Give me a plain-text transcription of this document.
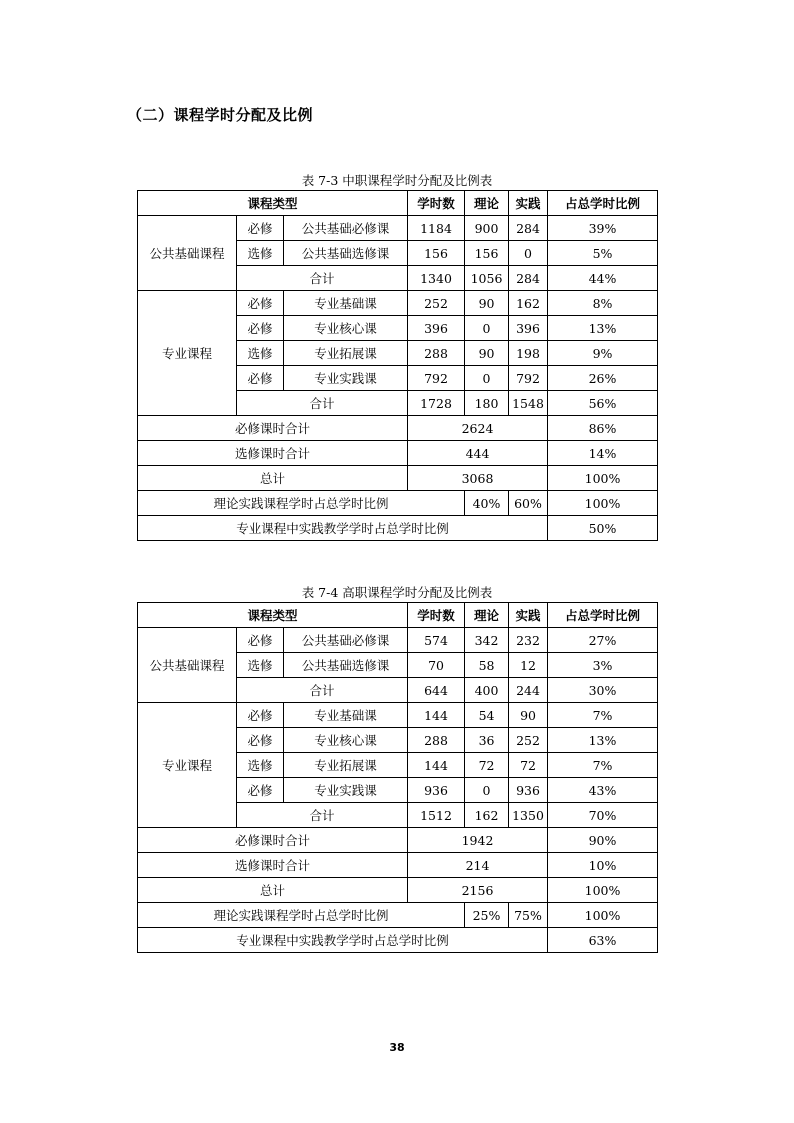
（二）课程学时分配及比例
表 7-3 中职课程学时分配及比例表
课程类型			学时数	理论	实践	占总学时比例
公共基础课程	必修	公共基础必修课	1184	900	284	39%
	选修	公共基础选修课	156	156	0	5%
	合计		1340	1056	284	44%
专业课程	必修	专业基础课	252	90	162	8%
	必修	专业核心课	396	0	396	13%
	选修	专业拓展课	288	90	198	9%
	必修	专业实践课	792	0	792	26%
	合计		1728	180	1548	56%
必修课时合计			2624			86%
选修课时合计			444			14%
总计			3068			100%
理论实践课程学时占总学时比例				40%	60%	100%
专业课程中实践教学学时占总学时比例						50%
表 7-4 高职课程学时分配及比例表
课程类型			学时数	理论	实践	占总学时比例
公共基础课程	必修	公共基础必修课	574	342	232	27%
	选修	公共基础选修课	70	58	12	3%
	合计		644	400	244	30%
专业课程	必修	专业基础课	144	54	90	7%
	必修	专业核心课	288	36	252	13%
	选修	专业拓展课	144	72	72	7%
	必修	专业实践课	936	0	936	43%
	合计		1512	162	1350	70%
必修课时合计			1942			90%
选修课时合计			214			10%
总计			2156			100%
理论实践课程学时占总学时比例				25%	75%	100%
专业课程中实践教学学时占总学时比例						63%
38
